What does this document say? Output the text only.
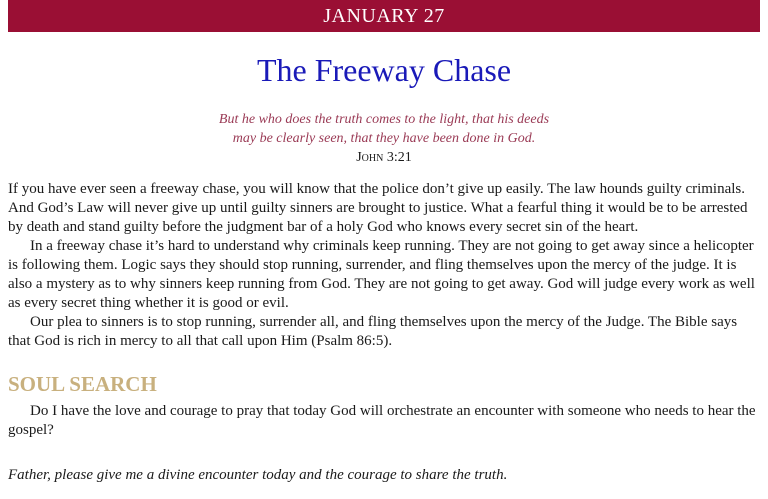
JANUARY 27
The Freeway Chase
But he who does the truth comes to the light, that his deeds
may be clearly seen, that they have been done in God.
John 3:21

If you have ever seen a freeway chase, you will know that the police don’t give up easily. The law hounds guilty criminals. And God’s Law will never give up until guilty sinners are brought to justice. What a fearful thing it would be to be arrested by death and stand guilty before the judgment bar of a holy God who knows every secret sin of the heart.

In a freeway chase it’s hard to understand why criminals keep running. They are not going to get away since a helicopter is following them. Logic says they should stop running, surrender, and fling themselves upon the mercy of the judge. It is also a mystery as to why sinners keep running from God. They are not going to get away. God will judge every work as well as every secret thing whether it is good or evil.

Our plea to sinners is to stop running, surrender all, and fling themselves upon the mercy of the Judge. The Bible says that God is rich in mercy to all that call upon Him (Psalm 86:5).

SOUL SEARCH
Do I have the love and courage to pray that today God will orchestrate an encounter with someone who needs to hear the gospel?
Father, please give me a divine encounter today and the courage to share the truth.
